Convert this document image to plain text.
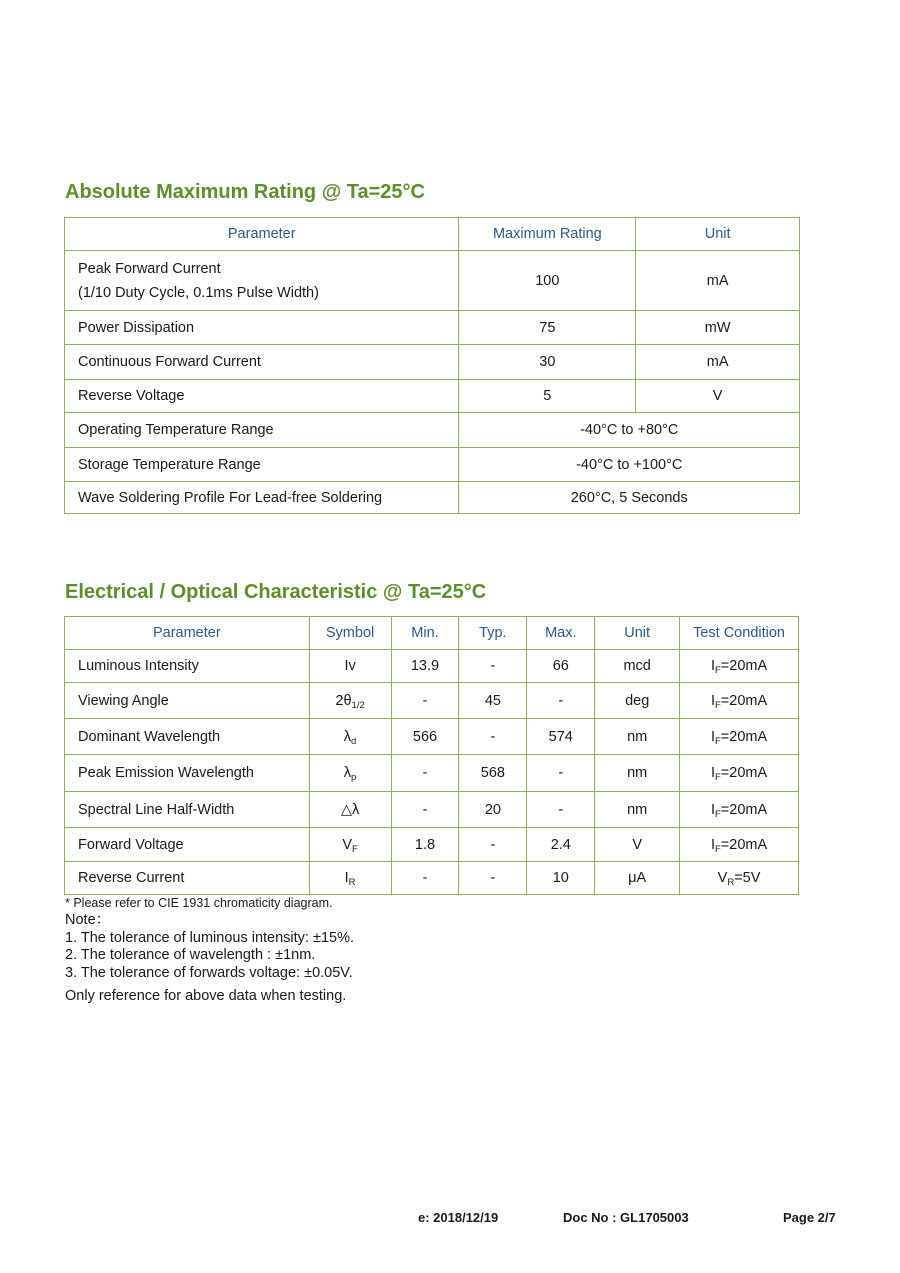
Absolute Maximum Rating @ Ta=25°C
Parameter	Maximum Rating	Unit

Peak Forward Current
(1/10 Duty Cycle, 0.1ms Pulse Width)	100	mA
Power Dissipation	75	mW
Continuous Forward Current	30	mA
Reverse Voltage	5	V
Operating Temperature Range	-40°C to +80°C	
Storage Temperature Range	-40°C to +100°C	
Wave Soldering Profile For Lead-free Soldering	260°C, 5 Seconds	
Electrical / Optical Characteristic @ Ta=25°C
Parameter	Symbol	Min.	Typ.	Max.	Unit	Test Condition
Luminous Intensity	Iv	13.9	-	66	mcd	$I_F=20mA$
Viewing Angle	$2\theta_{1/2}$	-	45	-	deg	$I_F=20mA$
Dominant Wavelength	$\lambda_d$	566	-	574	nm	$I_F=20mA$
Peak Emission Wavelength	$\lambda_p$	-	568	-	nm	$I_F=20mA$
Spectral Line Half-Width	△λ	-	20	-	nm	$I_F=20mA$
Forward Voltage	$V_F$	1.8	-	2.4	V	$I_F=20mA$
Reverse Current	$I_R$	-	-	10	μA	$V_R=5V$
* Please refer to CIE 1931 chromaticity diagram.
Note：
1. The tolerance of luminous intensity: ±15%.
2. The tolerance of wavelength : ±1nm.
3. The tolerance of forwards voltage: ±0.05V.
Only reference for above data when testing.
e: 2018/12/19	Doc No : GL1705003	Page 2/7
